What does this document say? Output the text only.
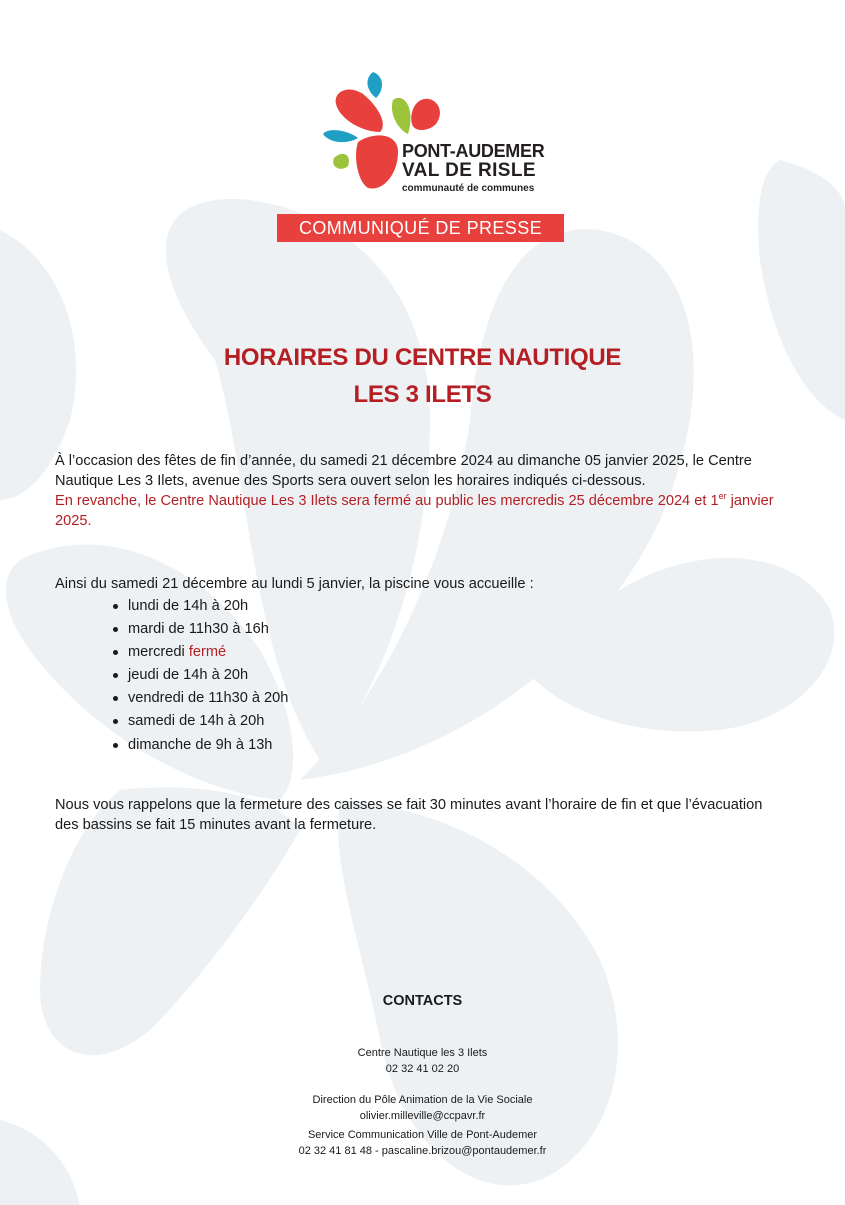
PONT-AUDEMER
VAL DE RISLE
communauté de communes
COMMUNIQUÉ DE PRESSE
HORAIRES DU CENTRE NAUTIQUE
LES 3 ILETS
À l’occasion des fêtes de fin d’année, du samedi 21 décembre 2024 au dimanche 05 janvier 2025, le Centre Nautique Les 3 Ilets, avenue des Sports sera ouvert selon les horaires indiqués ci-dessous.
En revanche, le Centre Nautique Les 3 Ilets sera fermé au public les mercredis 25 décembre 2024 et 1er janvier 2025.
Ainsi du samedi 21 décembre au lundi 5 janvier, la piscine vous accueille :
lundi de 14h à 20h
mardi de 11h30 à 16h
mercredi fermé
jeudi de 14h à 20h
vendredi de 11h30 à 20h
samedi de 14h à 20h
dimanche de 9h à 13h
Nous vous rappelons que la fermeture des caisses se fait 30 minutes avant l’horaire de fin et que l’évacuation des bassins se fait 15 minutes avant la fermeture.
CONTACTS
Centre Nautique les 3 Ilets
02 32 41 02 20
Direction du Pôle Animation de la Vie Sociale
olivier.milleville@ccpavr.fr
Service Communication Ville de Pont-Audemer
02 32 41 81 48 - pascaline.brizou@pontaudemer.fr
